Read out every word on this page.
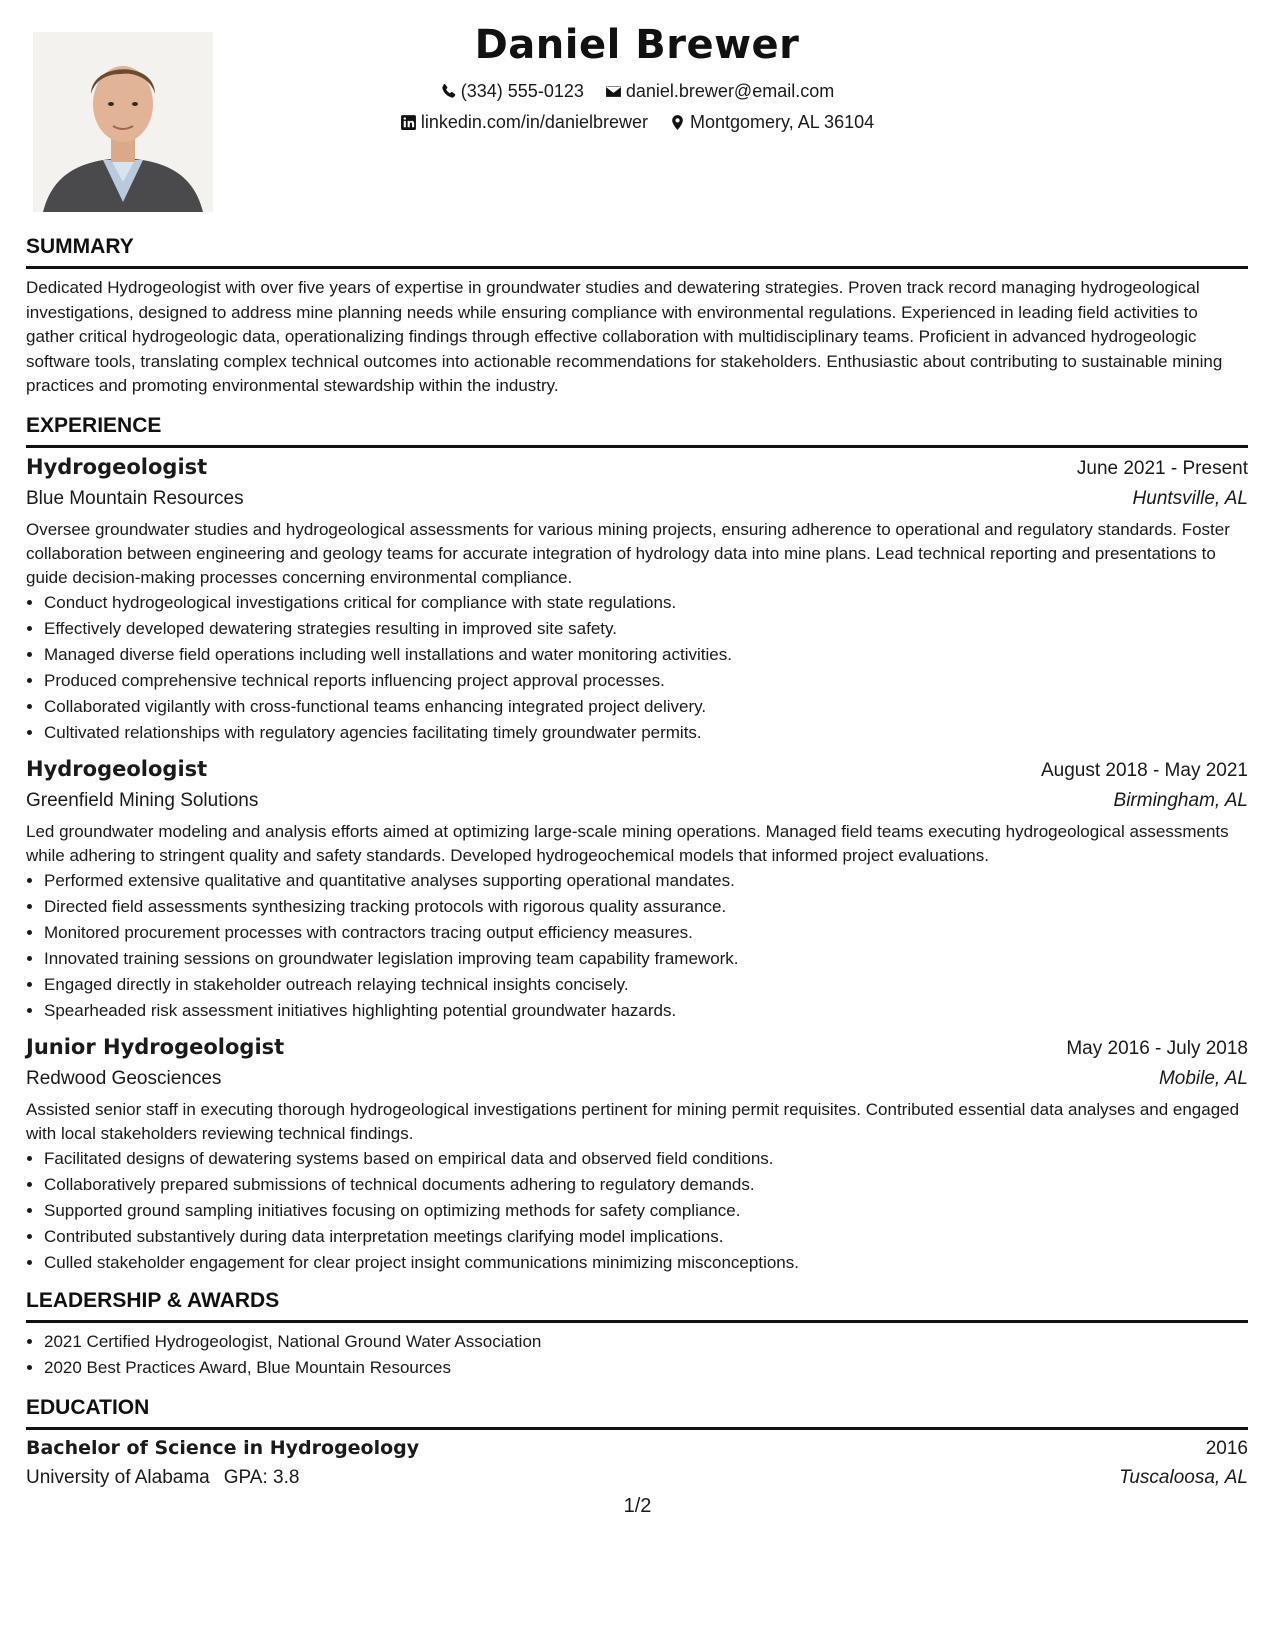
Daniel Brewer
(334) 555-0123
daniel.brewer@email.com
linkedin.com/in/danielbrewer
Montgomery, AL 36104
SUMMARY
Dedicated Hydrogeologist with over five years of expertise in groundwater studies and dewatering strategies. Proven track record managing hydrogeological investigations, designed to address mine planning needs while ensuring compliance with environmental regulations. Experienced in leading field activities to gather critical hydrogeologic data, operationalizing findings through effective collaboration with multidisciplinary teams. Proficient in advanced hydrogeologic software tools, translating complex technical outcomes into actionable recommendations for stakeholders. Enthusiastic about contributing to sustainable mining practices and promoting environmental stewardship within the industry.
EXPERIENCE
Hydrogeologist	June 2021 - Present
Blue Mountain Resources	Huntsville, AL
Oversee groundwater studies and hydrogeological assessments for various mining projects, ensuring adherence to operational and regulatory standards. Foster collaboration between engineering and geology teams for accurate integration of hydrology data into mine plans. Lead technical reporting and presentations to guide decision-making processes concerning environmental compliance.
• Conduct hydrogeological investigations critical for compliance with state regulations.
• Effectively developed dewatering strategies resulting in improved site safety.
• Managed diverse field operations including well installations and water monitoring activities.
• Produced comprehensive technical reports influencing project approval processes.
• Collaborated vigilantly with cross-functional teams enhancing integrated project delivery.
• Cultivated relationships with regulatory agencies facilitating timely groundwater permits.
Hydrogeologist	August 2018 - May 2021
Greenfield Mining Solutions	Birmingham, AL
Led groundwater modeling and analysis efforts aimed at optimizing large-scale mining operations. Managed field teams executing hydrogeological assessments while adhering to stringent quality and safety standards. Developed hydrogeochemical models that informed project evaluations.
• Performed extensive qualitative and quantitative analyses supporting operational mandates.
• Directed field assessments synthesizing tracking protocols with rigorous quality assurance.
• Monitored procurement processes with contractors tracing output efficiency measures.
• Innovated training sessions on groundwater legislation improving team capability framework.
• Engaged directly in stakeholder outreach relaying technical insights concisely.
• Spearheaded risk assessment initiatives highlighting potential groundwater hazards.
Junior Hydrogeologist	May 2016 - July 2018
Redwood Geosciences	Mobile, AL
Assisted senior staff in executing thorough hydrogeological investigations pertinent for mining permit requisites. Contributed essential data analyses and engaged with local stakeholders reviewing technical findings.
• Facilitated designs of dewatering systems based on empirical data and observed field conditions.
• Collaboratively prepared submissions of technical documents adhering to regulatory demands.
• Supported ground sampling initiatives focusing on optimizing methods for safety compliance.
• Contributed substantively during data interpretation meetings clarifying model implications.
• Culled stakeholder engagement for clear project insight communications minimizing misconceptions.
LEADERSHIP & AWARDS
• 2021 Certified Hydrogeologist, National Ground Water Association
• 2020 Best Practices Award, Blue Mountain Resources
EDUCATION
Bachelor of Science in Hydrogeology	2016
University of Alabama GPA: 3.8	Tuscaloosa, AL
1/2
